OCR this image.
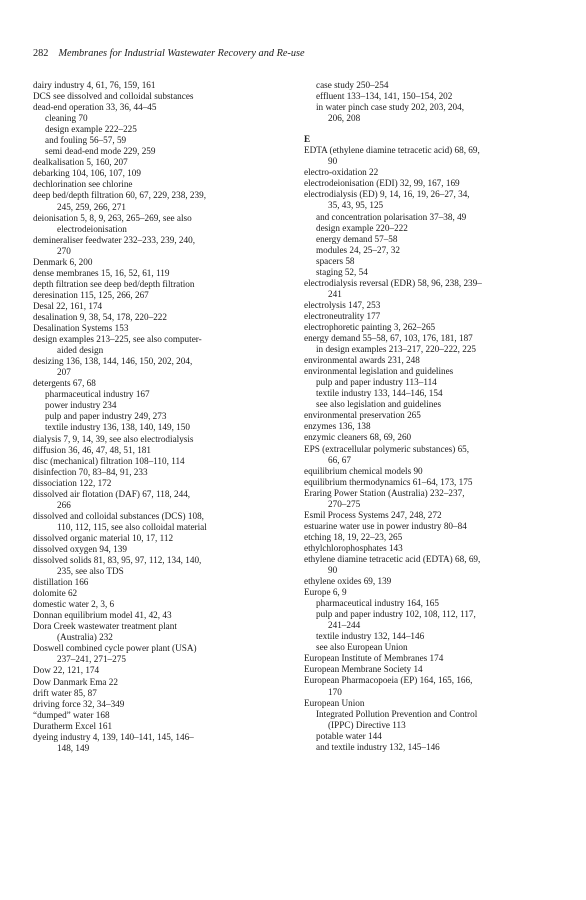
282 Membranes for Industrial Wastewater Recovery and Re-use
dairy industry 4, 61, 76, 159, 161
DCS see dissolved and colloidal substances
dead-end operation 33, 36, 44–45
cleaning 70
design example 222–225
and fouling 56–57, 59
semi dead-end mode 229, 259
dealkalisation 5, 160, 207
debarking 104, 106, 107, 109
dechlorination see chlorine
deep bed/depth filtration 60, 67, 229, 238, 239,
245, 259, 266, 271
deionisation 5, 8, 9, 263, 265–269, see also
electrodeionisation
demineraliser feedwater 232–233, 239, 240,
270
Denmark 6, 200
dense membranes 15, 16, 52, 61, 119
depth filtration see deep bed/depth filtration
deresination 115, 125, 266, 267
Desal 22, 161, 174
desalination 9, 38, 54, 178, 220–222
Desalination Systems 153
design examples 213–225, see also computer-
aided design
desizing 136, 138, 144, 146, 150, 202, 204,
207
detergents 67, 68
pharmaceutical industry 167
power industry 234
pulp and paper industry 249, 273
textile industry 136, 138, 140, 149, 150
dialysis 7, 9, 14, 39, see also electrodialysis
diffusion 36, 46, 47, 48, 51, 181
disc (mechanical) filtration 108–110, 114
disinfection 70, 83–84, 91, 233
dissociation 122, 172
dissolved air flotation (DAF) 67, 118, 244,
266
dissolved and colloidal substances (DCS) 108,
110, 112, 115, see also colloidal material
dissolved organic material 10, 17, 112
dissolved oxygen 94, 139
dissolved solids 81, 83, 95, 97, 112, 134, 140,
235, see also TDS
distillation 166
dolomite 62
domestic water 2, 3, 6
Donnan equilibrium model 41, 42, 43
Dora Creek wastewater treatment plant
(Australia) 232
Doswell combined cycle power plant (USA)
237–241, 271–275
Dow 22, 121, 174
Dow Danmark Ema 22
drift water 85, 87
driving force 32, 34–349
“dumped” water 168
Duratherm Excel 161
dyeing industry 4, 139, 140–141, 145, 146–
148, 149
case study 250–254
effluent 133–134, 141, 150–154, 202
in water pinch case study 202, 203, 204,
206, 208
E
EDTA (ethylene diamine tetracetic acid) 68, 69,
90
electro-oxidation 22
electrodeionisation (EDI) 32, 99, 167, 169
electrodialysis (ED) 9, 14, 16, 19, 26–27, 34,
35, 43, 95, 125
and concentration polarisation 37–38, 49
design example 220–222
energy demand 57–58
modules 24, 25–27, 32
spacers 58
staging 52, 54
electrodialysis reversal (EDR) 58, 96, 238, 239–
241
electrolysis 147, 253
electroneutrality 177
electrophoretic painting 3, 262–265
energy demand 55–58, 67, 103, 176, 181, 187
in design examples 213–217, 220–222, 225
environmental awards 231, 248
environmental legislation and guidelines
pulp and paper industry 113–114
textile industry 133, 144–146, 154
see also legislation and guidelines
environmental preservation 265
enzymes 136, 138
enzymic cleaners 68, 69, 260
EPS (extracellular polymeric substances) 65,
66, 67
equilibrium chemical models 90
equilibrium thermodynamics 61–64, 173, 175
Eraring Power Station (Australia) 232–237,
270–275
Esmil Process Systems 247, 248, 272
estuarine water use in power industry 80–84
etching 18, 19, 22–23, 265
ethylchlorophosphates 143
ethylene diamine tetracetic acid (EDTA) 68, 69,
90
ethylene oxides 69, 139
Europe 6, 9
pharmaceutical industry 164, 165
pulp and paper industry 102, 108, 112, 117,
241–244
textile industry 132, 144–146
see also European Union
European Institute of Membranes 174
European Membrane Society 14
European Pharmacopoeia (EP) 164, 165, 166,
170
European Union
Integrated Pollution Prevention and Control
(IPPC) Directive 113
potable water 144
and textile industry 132, 145–146
